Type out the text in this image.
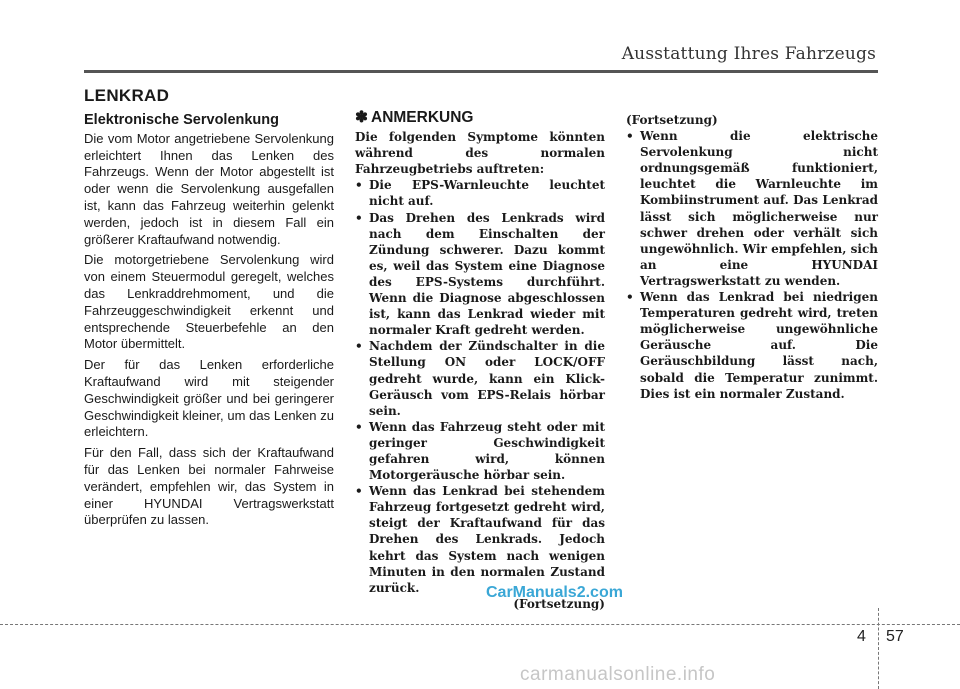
Ausstattung Ihres Fahrzeugs
LENKRAD
Elektronische Servolenkung

Die vom Motor angetriebene Servolenkung erleichtert Ihnen das Lenken des Fahrzeugs. Wenn der Motor abgestellt ist oder wenn die Servolenkung ausgefallen ist, kann das Fahrzeug weiterhin gelenkt werden, jedoch ist in diesem Fall ein größerer Kraftaufwand notwendig.

Die motorgetriebene Servolenkung wird von einem Steuermodul geregelt, welches das Lenkraddrehmoment, und die Fahrzeuggeschwindigkeit erkennt und entsprechende Steuerbefehle an den Motor übermittelt.

Der für das Lenken erforderliche Kraftaufwand wird mit steigender Geschwindigkeit größer und bei geringerer Geschwindigkeit kleiner, um das Lenken zu erleichtern.

Für den Fall, dass sich der Kraftaufwand für das Lenken bei normaler Fahrweise verändert, empfehlen wir, das System in einer HYUNDAI Vertragswerkstatt überprüfen zu lassen.

✽ ANMERKUNG

Die folgenden Symptome könnten während des normalen Fahrzeugbetriebs auftreten:

• Die EPS-Warnleuchte leuchtet nicht auf.
• Das Drehen des Lenkrads wird nach dem Einschalten der Zündung schwerer. Dazu kommt es, weil das System eine Diagnose des EPS-Systems durchführt. Wenn die Diagnose abgeschlossen ist, kann das Lenkrad wieder mit normaler Kraft gedreht werden.
• Nachdem der Zündschalter in die Stellung ON oder LOCK/OFF gedreht wurde, kann ein Klick-Geräusch vom EPS-Relais hörbar sein.
• Wenn das Fahrzeug steht oder mit geringer Geschwindigkeit gefahren wird, können Motorgeräusche hörbar sein.
• Wenn das Lenkrad bei stehendem Fahrzeug fortgesetzt gedreht wird, steigt der Kraftaufwand für das Drehen des Lenkrads. Jedoch kehrt das System nach wenigen Minuten in den normalen Zustand zurück.

(Fortsetzung)

(Fortsetzung)

• Wenn die elektrische Servolenkung nicht ordnungsgemäß funktioniert, leuchtet die Warnleuchte im Kombiinstrument auf. Das Lenkrad lässt sich möglicherweise nur schwer drehen oder verhält sich ungewöhnlich. Wir empfehlen, sich an eine HYUNDAI Vertragswerkstatt zu wenden.
• Wenn das Lenkrad bei niedrigen Temperaturen gedreht wird, treten möglicherweise ungewöhnliche Geräusche auf. Die Geräuschbildung lässt nach, sobald die Temperatur zunimmt. Dies ist ein normaler Zustand.
CarManuals2.com
4 57
carmanualsonline.info
